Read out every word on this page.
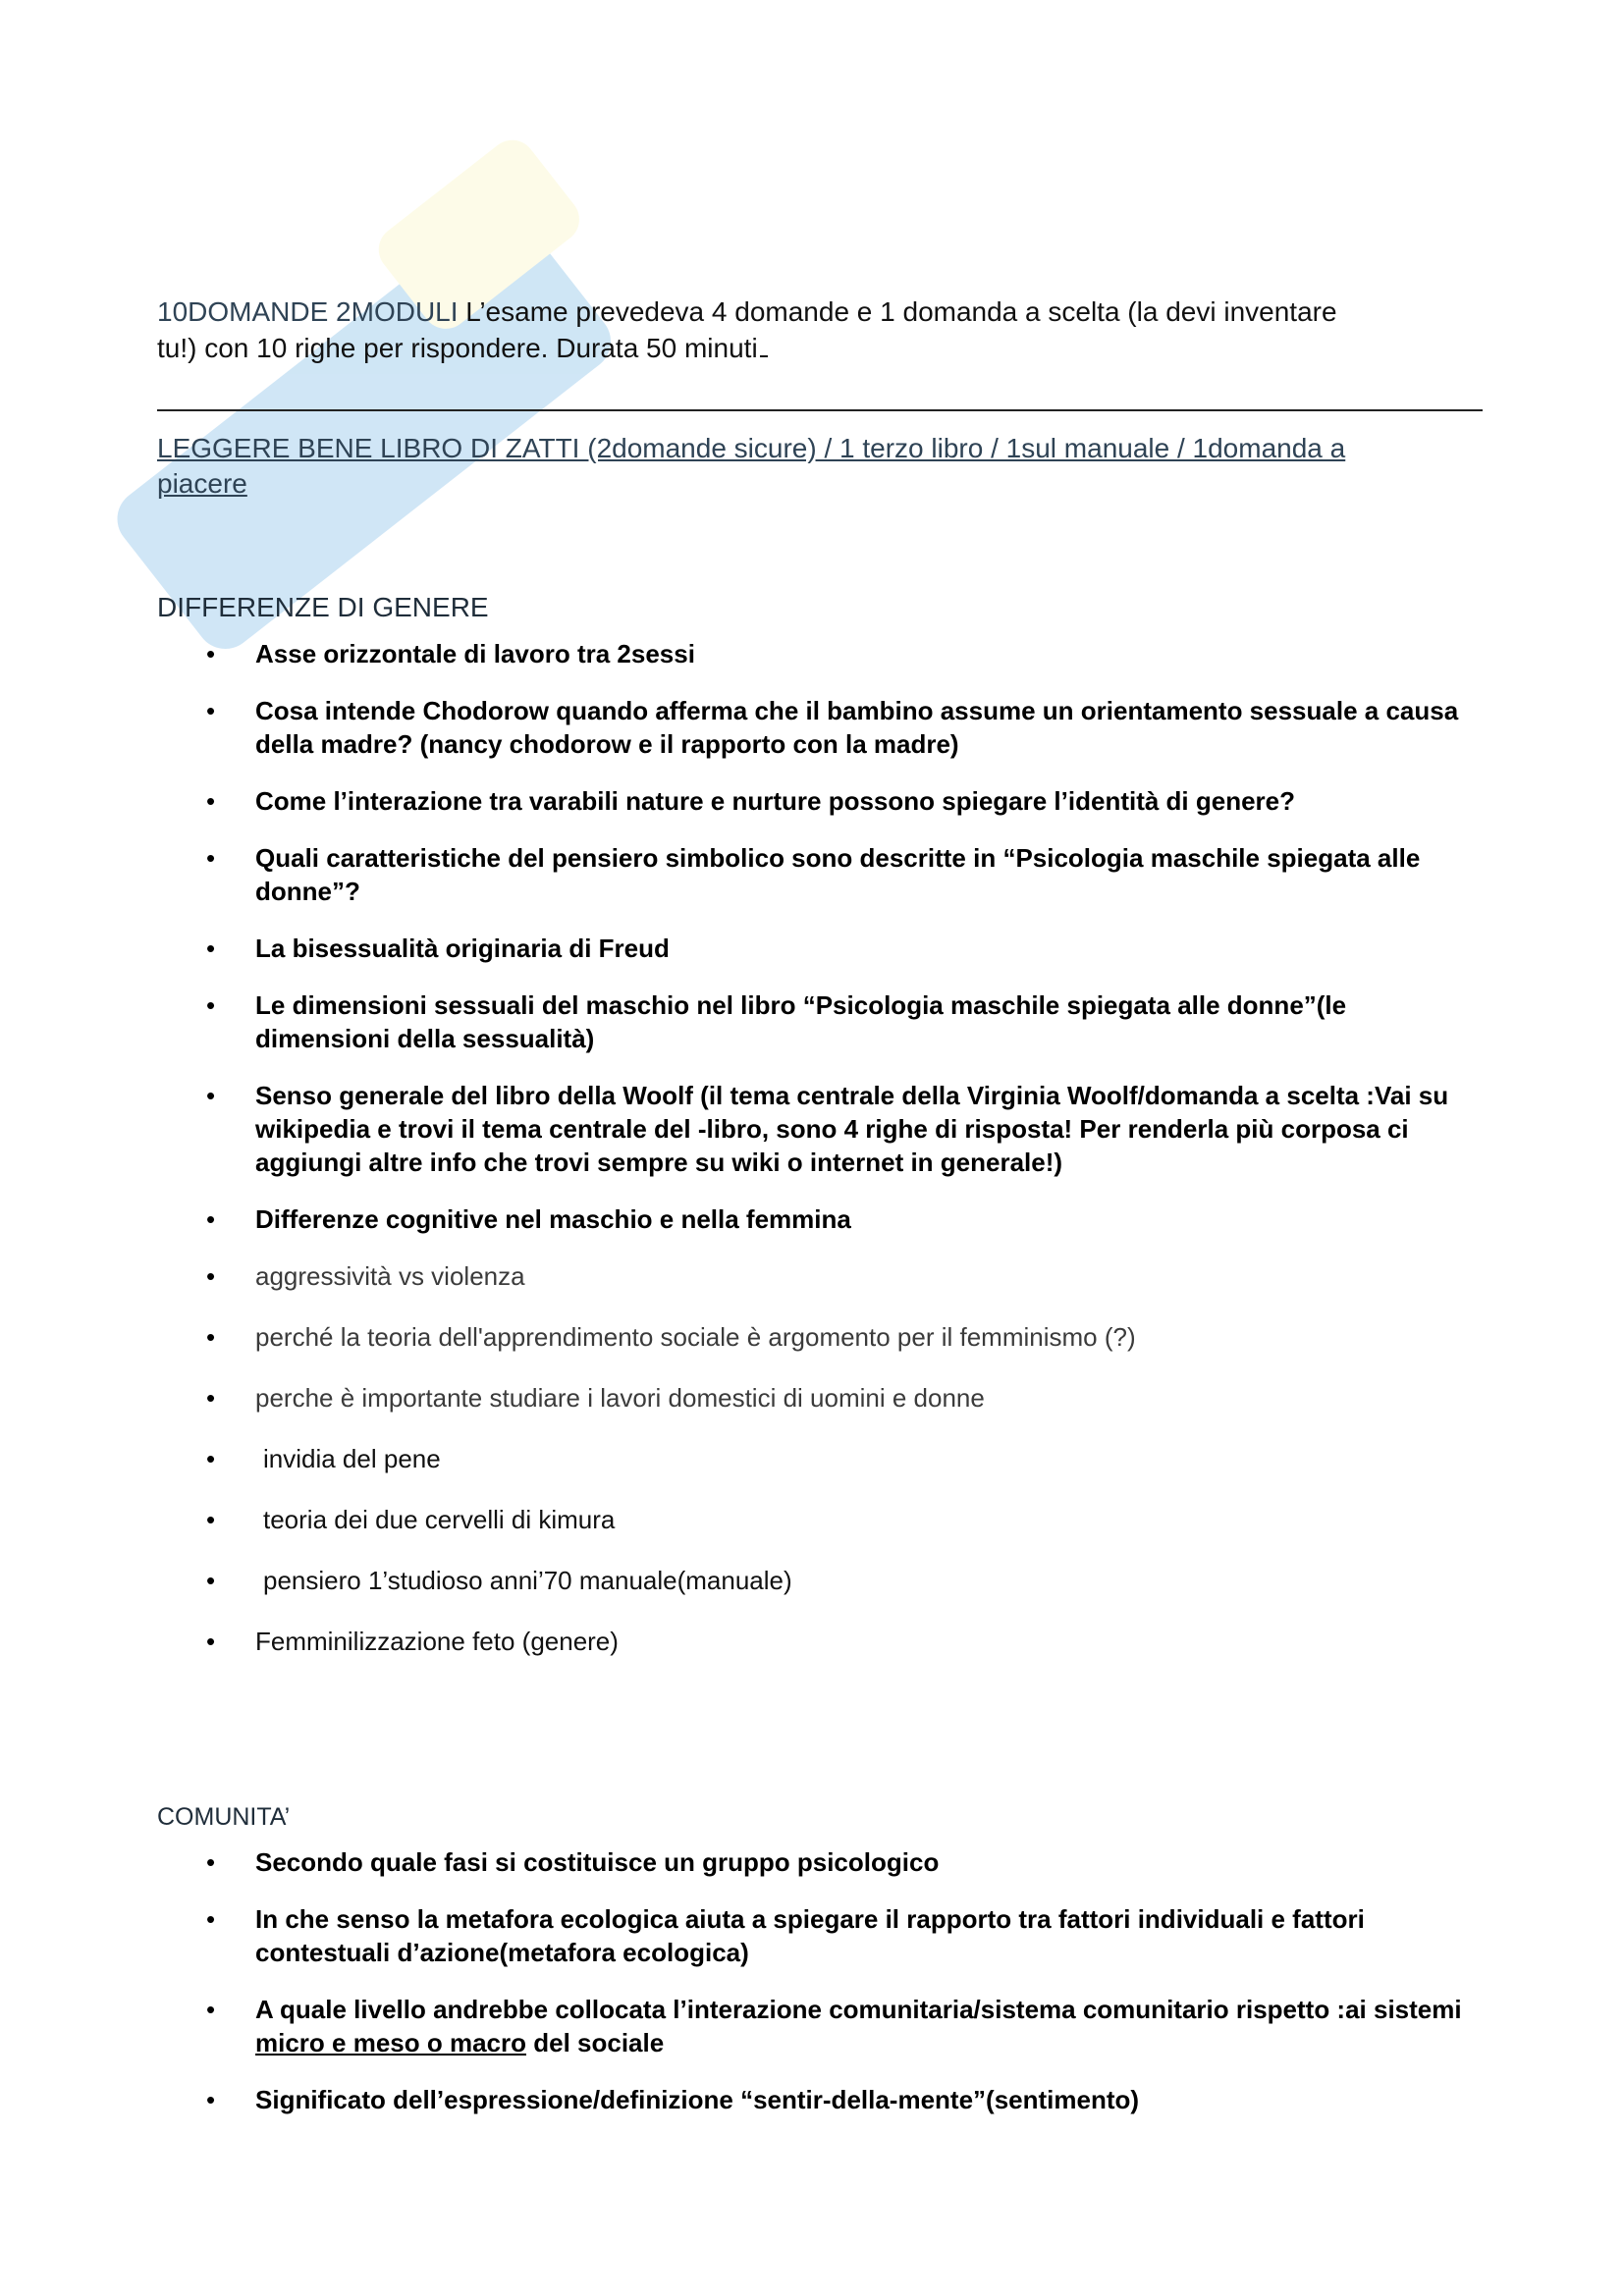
10DOMANDE 2MODULI L’esame prevedeva 4 domande e 1 domanda a scelta (la devi inventare
tu!) con 10 righe per rispondere. Durata 50 minuti

LEGGERE BENE LIBRO DI ZATTI (2domande sicure) / 1 terzo libro / 1sul manuale / 1domanda a
piacere

DIFFERENZE DI GENERE
• Asse orizzontale di lavoro tra 2sessi
• Cosa intende Chodorow quando afferma che il bambino assume un orientamento sessuale a causa della madre? (nancy chodorow e il rapporto con la madre)
• Come l’interazione tra varabili nature e nurture possono spiegare l’identità di genere?
• Quali caratteristiche del pensiero simbolico sono descritte in “Psicologia maschile spiegata alle donne”?
• La bisessualità originaria di Freud
• Le dimensioni sessuali del maschio nel libro “Psicologia maschile spiegata alle donne”(le dimensioni della sessualità)
• Senso generale del libro della Woolf (il tema centrale della Virginia Woolf/domanda a scelta :Vai su wikipedia e trovi il tema centrale del -libro, sono 4 righe di risposta! Per renderla più corposa ci aggiungi altre info che trovi sempre su wiki o internet in generale!)
• Differenze cognitive nel maschio e nella femmina
• aggressività vs violenza
• perché la teoria dell'apprendimento sociale è argomento per il femminismo (?)
• perche è importante studiare i lavori domestici di uomini e donne
• invidia del pene
• teoria dei due cervelli di kimura
• pensiero 1’studioso anni’70 manuale(manuale)
• Femminilizzazione feto (genere)
COMUNITA’
• Secondo quale fasi si costituisce un gruppo psicologico
• In che senso la metafora ecologica aiuta a spiegare il rapporto tra fattori individuali e fattori contestuali d’azione(metafora ecologica)
• A quale livello andrebbe collocata l’interazione comunitaria/sistema comunitario rispetto :ai sistemi micro e meso o macro del sociale
• Significato dell’espressione/definizione “sentir-della-mente”(sentimento)
